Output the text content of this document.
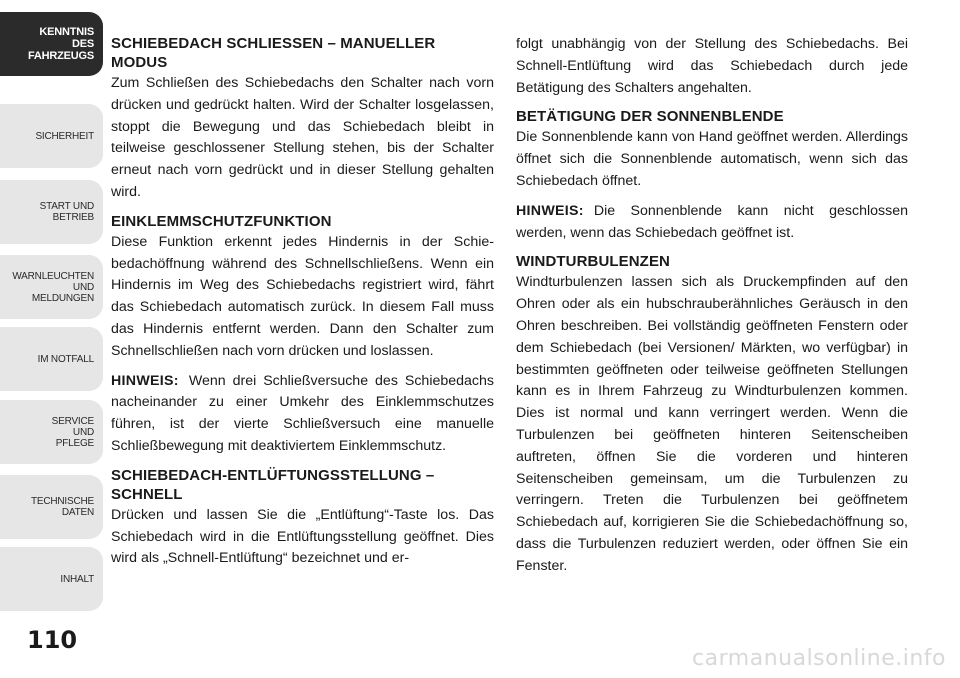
KENNTNIS
DES
FAHRZEUGS
SICHERHEIT
START UND
BETRIEB
WARNLEUCHTEN
UND
MELDUNGEN
IM NOTFALL
SERVICE
UND
PFLEGE
TECHNISCHE
DATEN
INHALT
110
SCHIEBEDACH SCHLIESSEN – MANUELLER MODUS
Zum Schließen des Schiebedachs den Schalter nach vorn drücken und gedrückt halten. Wird der Schalter losgelassen, stoppt die Bewegung und das Schiebedach bleibt in teilweise geschlossener Stellung stehen, bis der Schalter erneut nach vorn gedrückt und in dieser Stellung gehalten wird.
EINKLEMMSCHUTZFUNKTION
Diese Funktion erkennt jedes Hindernis in der Schiebedachöffnung während des Schnellschließens. Wenn ein Hindernis im Weg des Schiebedachs registriert wird, fährt das Schiebedach automatisch zurück. In diesem Fall muss das Hindernis entfernt werden. Dann den Schalter zum Schnellschließen nach vorn drücken und loslassen.
HINWEIS: Wenn drei Schließversuche des Schiebedachs nacheinander zu einer Umkehr des Einklemmschutzes führen, ist der vierte Schließversuch eine manuelle Schließbewegung mit deaktiviertem Einklemmschutz.
SCHIEBEDACH-ENTLÜFTUNGSSTELLUNG – SCHNELL
Drücken und lassen Sie die „Entlüftung“-Taste los. Das Schiebedach wird in die Entlüftungsstellung geöffnet. Dies wird als „Schnell-Entlüftung“ bezeichnet und er-
folgt unabhängig von der Stellung des Schiebedachs. Bei Schnell-Entlüftung wird das Schiebedach durch jede Betätigung des Schalters angehalten.
BETÄTIGUNG DER SONNENBLENDE
Die Sonnenblende kann von Hand geöffnet werden. Allerdings öffnet sich die Sonnenblende automatisch, wenn sich das Schiebedach öffnet.
HINWEIS: Die Sonnenblende kann nicht geschlossen werden, wenn das Schiebedach geöffnet ist.
WINDTURBULENZEN
Windturbulenzen lassen sich als Druckempfinden auf den Ohren oder als ein hubschrauberähnliches Geräusch in den Ohren beschreiben. Bei vollständig geöffneten Fenstern oder dem Schiebedach (bei Versionen/ Märkten, wo verfügbar) in bestimmten geöffneten oder teilweise geöffneten Stellungen kann es in Ihrem Fahrzeug zu Windturbulenzen kommen. Dies ist normal und kann verringert werden. Wenn die Turbulenzen bei geöffneten hinteren Seitenscheiben auftreten, öffnen Sie die vorderen und hinteren Seitenscheiben gemeinsam, um die Turbulenzen zu verringern. Treten die Turbulenzen bei geöffnetem Schiebedach auf, korrigieren Sie die Schiebedachöffnung so, dass die Turbulenzen reduziert werden, oder öffnen Sie ein Fenster.
carmanualsonline.info
